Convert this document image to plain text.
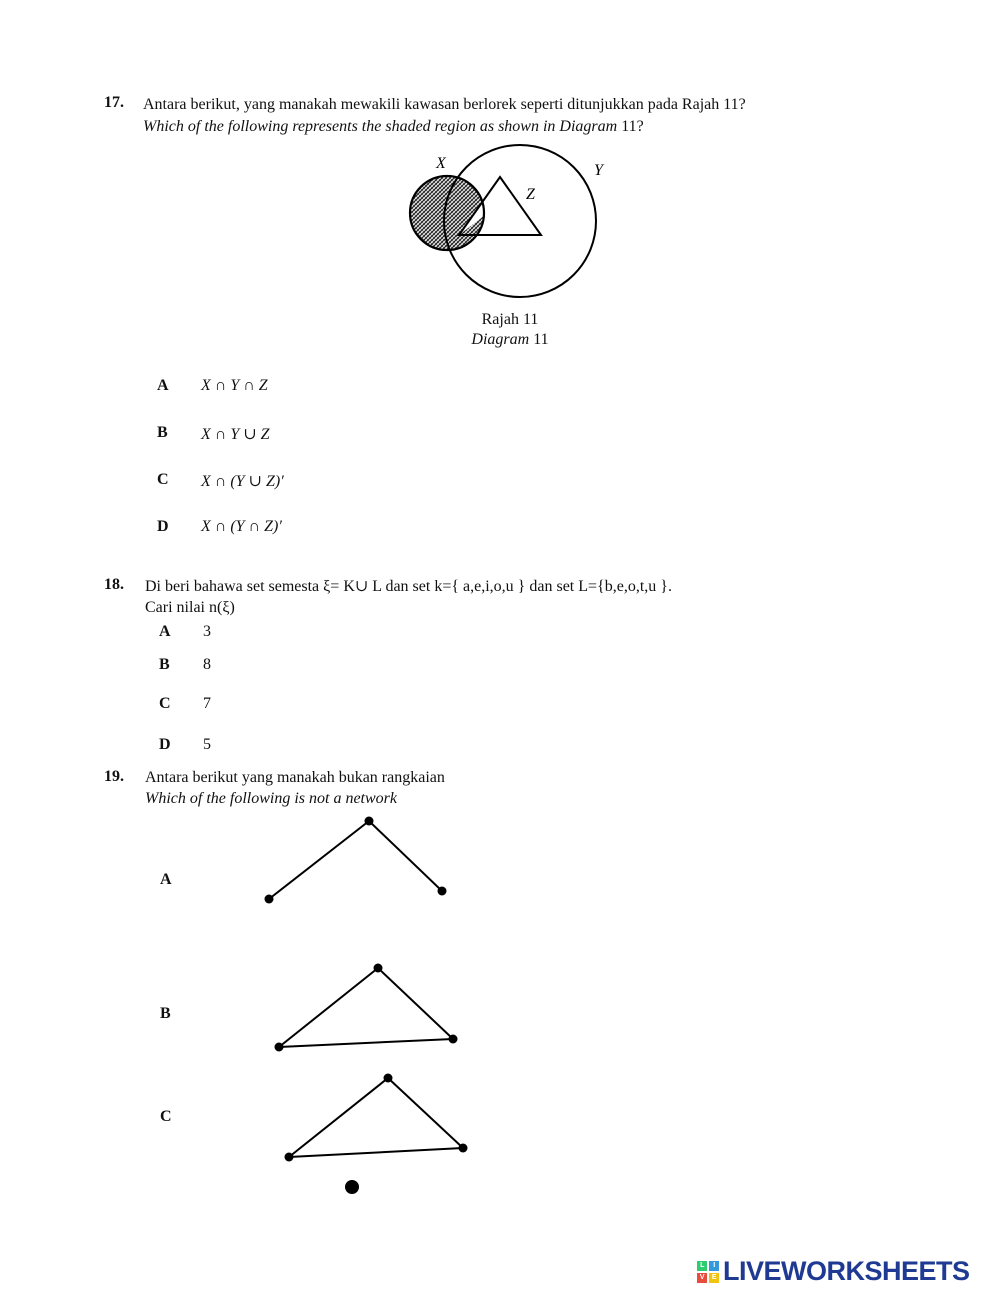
17. Antara berikut, yang manakah mewakili kawasan berlorek seperti ditunjukkan pada Rajah 11?
Which of the following represents the shaded region as shown in Diagram 11?
X	Y
Z
Rajah 11
Diagram 11
A X ∩ Y ∩ Z
B X ∩ Y ∪ Z
C X ∩ (Y ∪ Z)′
D X ∩ (Y ∩ Z)′
18. Di beri bahawa set semesta ξ= K∪ L dan set k={ a,e,i,o,u } dan set L={b,e,o,t,u }.
Cari nilai n(ξ)
A 3
B 8
C 7
D 5
19. Antara berikut yang manakah bukan rangkaian
Which of the following is not a network
A
B
C
L	I
V	E LIVEWORKSHEETS
